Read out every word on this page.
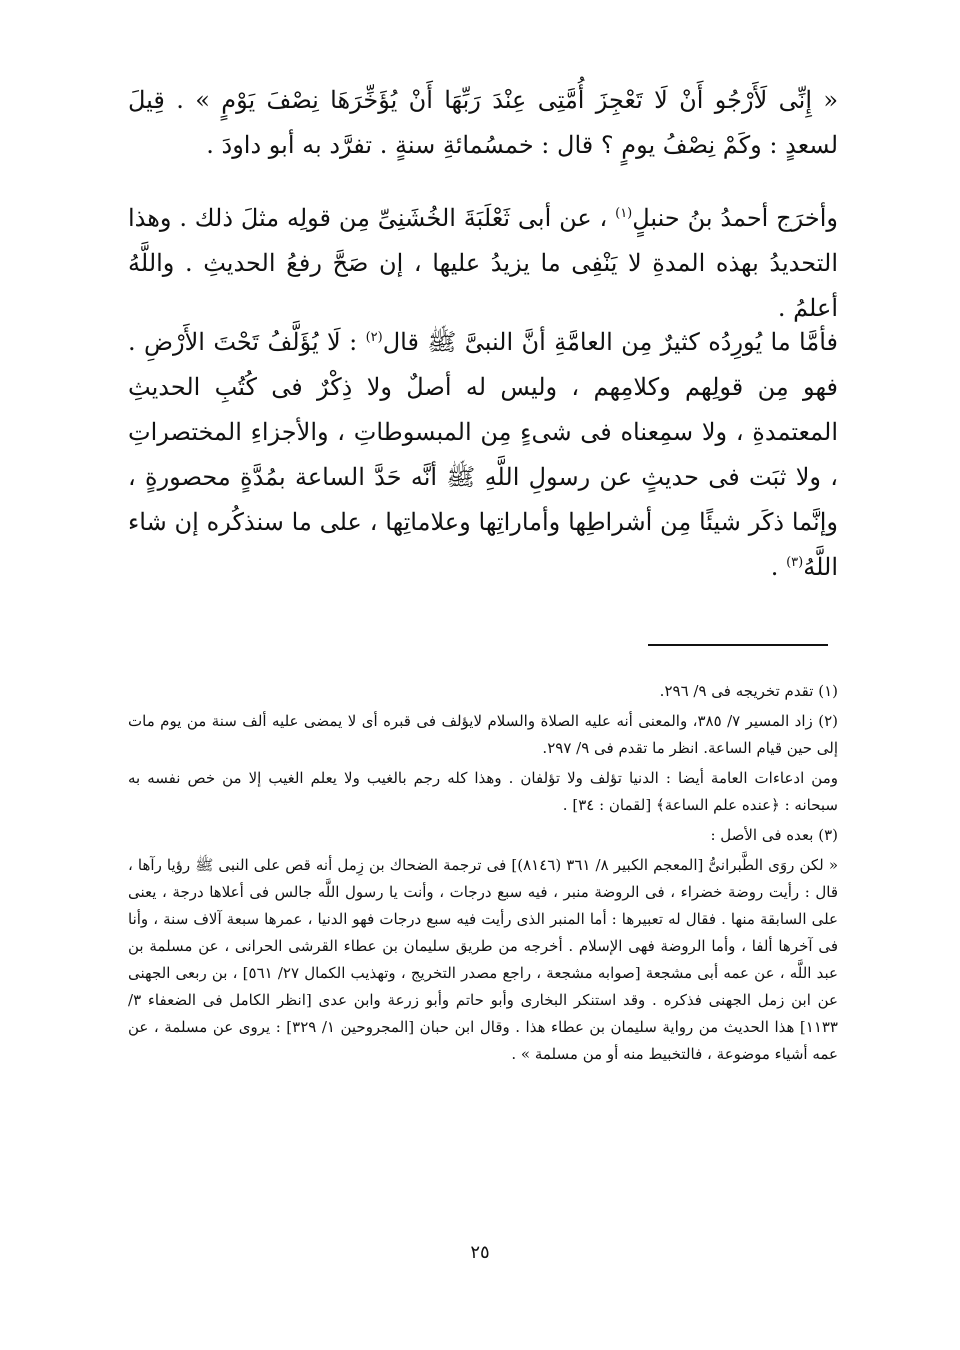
« إِنِّى لَأَرْجُو أَنْ لَا تَعْجِزَ أُمَّتِى عِنْدَ رَبِّهَا أَنْ يُؤَخِّرَهَا نِصْفَ يَوْمٍ » . قِيلَ لسعدٍ : وكَمْ نِصْفُ يومٍ ؟ قال : خمسُمائةِ سنةٍ . تفرَّد به أبو داودَ .

وأخرَج أحمدُ بنُ حنبلٍ$^{(١)}$ ، عن أبى ثَعْلَبَةَ الخُشَنِىِّ مِن قولِه مثلَ ذلك . وهذا التحديدُ بهذه المدةِ لا يَنْفِى ما يزيدُ عليها ، إن صَحَّ رفعُ الحديثِ . واللَّهُ أعلمُ .

فأمَّا ما يُورِدُه كثيرٌ مِن العامَّةِ أنَّ النبىَّ ﷺ قال$^{(٢)}$ : لَا يُؤَلَّفُ تَحْتَ الأَرْضِ . فهو مِن قولِهم وكلامِهم ، وليس له أصلٌ ولا ذِكْرٌ فى كُتُبِ الحديثِ المعتمدةِ ، ولا سمِعناه فى شىءٍ مِن المبسوطاتِ ، والأجزاءِ المختصراتِ ، ولا ثبَت فى حديثٍ عن رسولِ اللَّهِ ﷺ أنَّه حَدَّ الساعة بمُدَّةٍ محصورةٍ ، وإنَّما ذكَر شيئًا مِن أشراطِها وأماراتِها وعلاماتِها ، على ما سنذكُره إن شاء اللَّهُ$^{(٣)}$ .

(١) تقدم تخريجه فى ٩/ ٢٩٦.

(٢) زاد المسير ٧/ ٣٨٥، والمعنى أنه عليه الصلاة والسلام لايؤلف فى قبره أى لا يمضى عليه ألف سنة من يوم مات إلى حين قيام الساعة. انظر ما تقدم فى ٩/ ٢٩٧.

ومن ادعاءات العامة أيضا : الدنيا تؤلف ولا تؤلفان . وهذا كله رجم بالغيب ولا يعلم الغيب إلا من خص نفسه به سبحانه : ﴿عنده علم الساعة﴾ [لقمان : ٣٤] .

(٣) بعده فى الأصل :

« لكن روَى الطَّبرانىُّ [المعجم الكبير ٨/ ٣٦١ (٨١٤٦)] فى ترجمة الضحاك بن زِمل أنه قص على النبى ﷺ رؤيا رآها ، قال : رأيت روضة خضراء ، فى الروضة منبر ، فيه سبع درجات ، وأنت يا رسول اللَّه جالس فى أعلاها درجة ، يعنى على السابقة منها . فقال له تعبيرها : أما المنبر الذى رأيت فيه سبع درجات فهو الدنيا ، عمرها سبعة آلاف سنة ، وأنا فى آخرها ألفا ، وأما الروضة فهى الإسلام . أخرجه من طريق سليمان بن عطاء القرشى الحرانى ، عن مسلمة بن عبد اللَّه ، عن عمه أبى مشجعة [صوابه مشجعة ، راجع مصدر التخريج ، وتهذيب الكمال ٢٧/ ٥٦١] ، بن ربعى الجهنى عن ابن زمل الجهنى فذكره . وقد استنكر البخارى وأبو حاتم وأبو زرعة وابن عدى [انظر الكامل فى الضعفاء ٣/ ١١٣٣] هذا الحديث من رواية سليمان بن عطاء هذا . وقال ابن حبان [المجروحين ١/ ٣٢٩] : يروى عن مسلمة ، عن عمه أشياء موضوعة ، فالتخبيط منه أو من مسلمة » .

٢٥
